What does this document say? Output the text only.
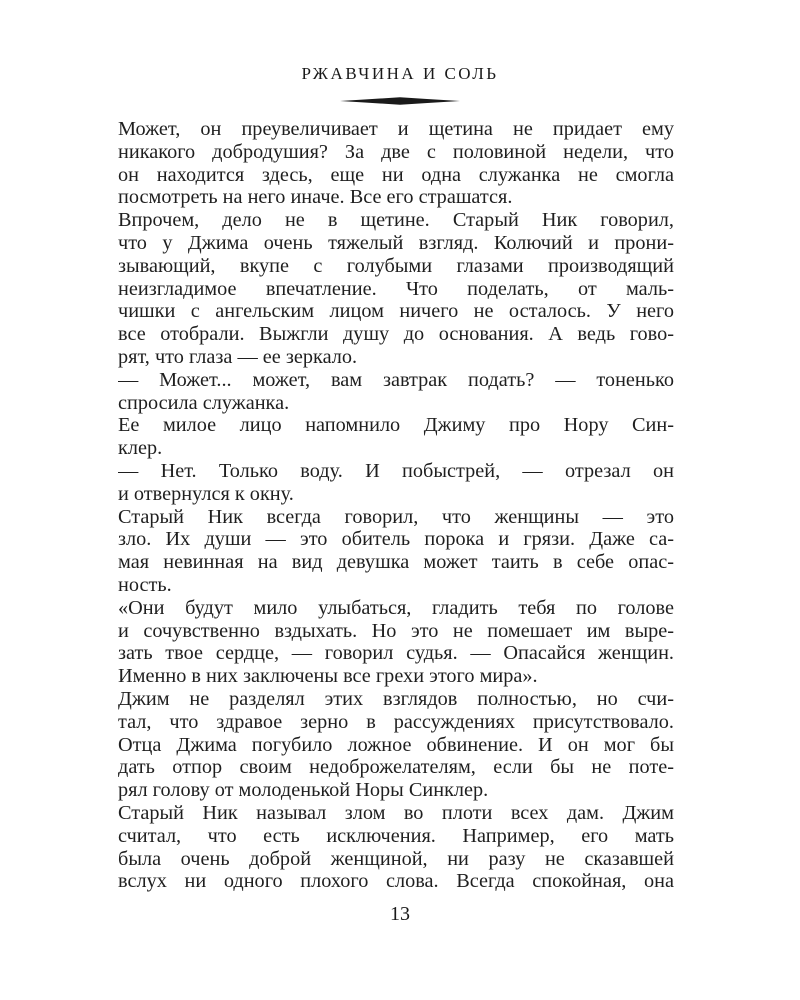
РЖАВЧИНА И СОЛЬ

Может, он преувеличивает и щетина не придает ему
никакого добродушия? За две с половиной недели, что
он находится здесь, еще ни одна служанка не смогла
посмотреть на него иначе. Все его страшатся.

Впрочем, дело не в щетине. Старый Ник говорил,
что у Джима очень тяжелый взгляд. Колючий и прони-
зывающий, вкупе с голубыми глазами производящий
неизгладимое впечатление. Что поделать, от маль-
чишки с ангельским лицом ничего не осталось. У него
все отобрали. Выжгли душу до основания. А ведь гово-
рят, что глаза — ее зеркало.

— Может... может, вам завтрак подать? — тоненько
спросила служанка.

Ее милое лицо напомнило Джиму про Нору Син-
клер.

— Нет. Только воду. И побыстрей, — отрезал он
и отвернулся к окну.

Старый Ник всегда говорил, что женщины — это
зло. Их души — это обитель порока и грязи. Даже са-
мая невинная на вид девушка может таить в себе опас-
ность.

«Они будут мило улыбаться, гладить тебя по голове
и сочувственно вздыхать. Но это не помешает им выре-
зать твое сердце, — говорил судья. — Опасайся женщин.
Именно в них заключены все грехи этого мира».

Джим не разделял этих взглядов полностью, но счи-
тал, что здравое зерно в рассуждениях присутствовало.
Отца Джима погубило ложное обвинение. И он мог бы
дать отпор своим недоброжелателям, если бы не поте-
рял голову от молоденькой Норы Синклер.

Старый Ник называл злом во плоти всех дам. Джим
считал, что есть исключения. Например, его мать
была очень доброй женщиной, ни разу не сказавшей
вслух ни одного плохого слова. Всегда спокойная, она

13
